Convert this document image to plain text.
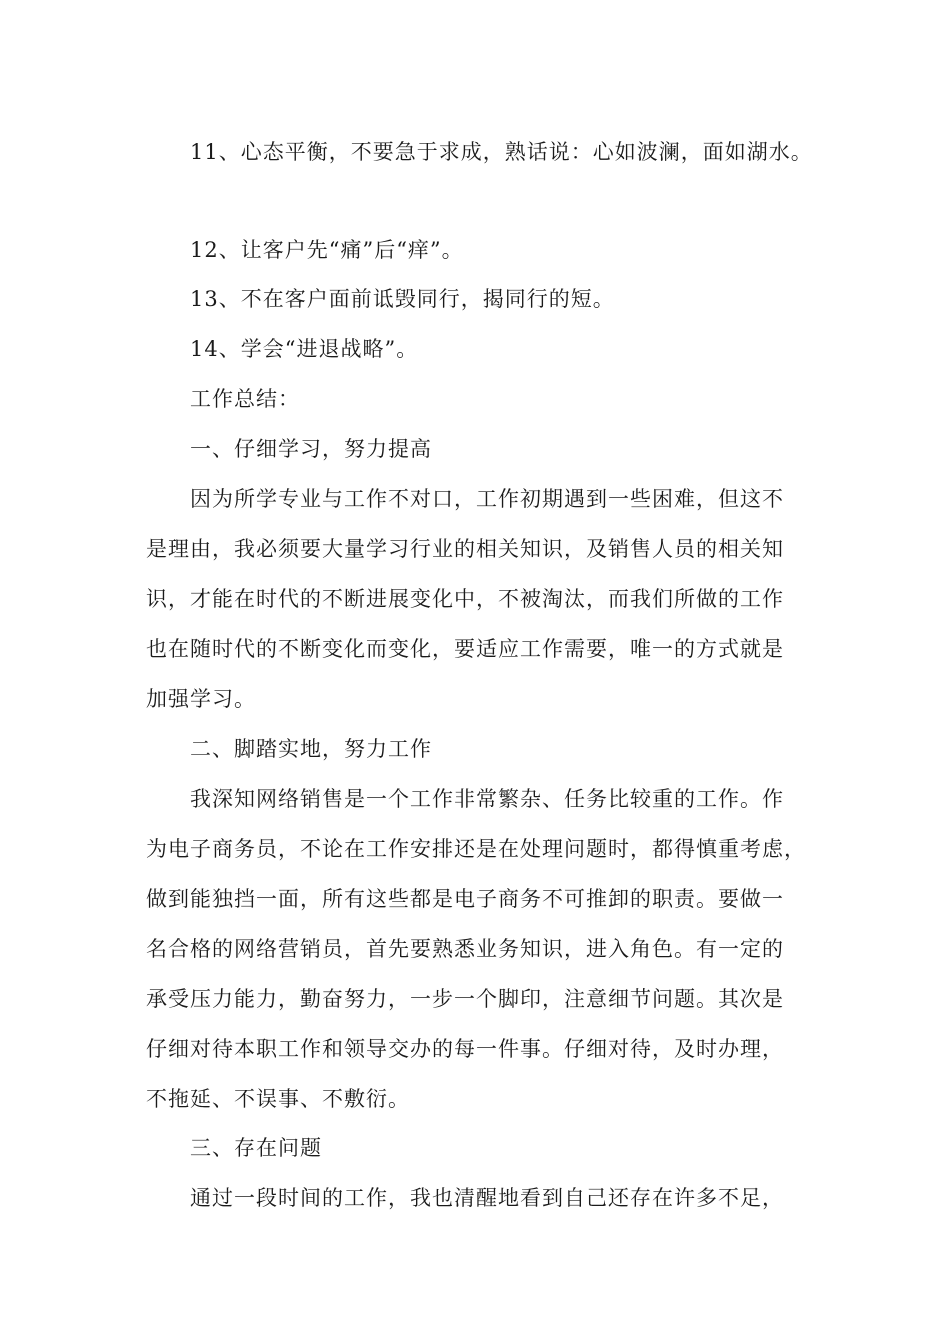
11、心态平衡，不要急于求成，熟话说：心如波澜，面如湖水。
12、让客户先“痛”后“痒”。
13、不在客户面前诋毁同行，揭同行的短。
14、学会“进退战略”。
工作总结：
一、仔细学习，努力提高
因为所学专业与工作不对口，工作初期遇到一些困难，但这不
是理由，我必须要大量学习行业的相关知识，及销售人员的相关知
识，才能在时代的不断进展变化中，不被淘汰，而我们所做的工作
也在随时代的不断变化而变化，要适应工作需要，唯一的方式就是
加强学习。
二、脚踏实地，努力工作
我深知网络销售是一个工作非常繁杂、任务比较重的工作。作
为电子商务员，不论在工作安排还是在处理问题时，都得慎重考虑，
做到能独挡一面，所有这些都是电子商务不可推卸的职责。要做一
名合格的网络营销员，首先要熟悉业务知识，进入角色。有一定的
承受压力能力，勤奋努力，一步一个脚印，注意细节问题。其次是
仔细对待本职工作和领导交办的每一件事。仔细对待，及时办理，
不拖延、不误事、不敷衍。
三、存在问题
通过一段时间的工作，我也清醒地看到自己还存在许多不足，
